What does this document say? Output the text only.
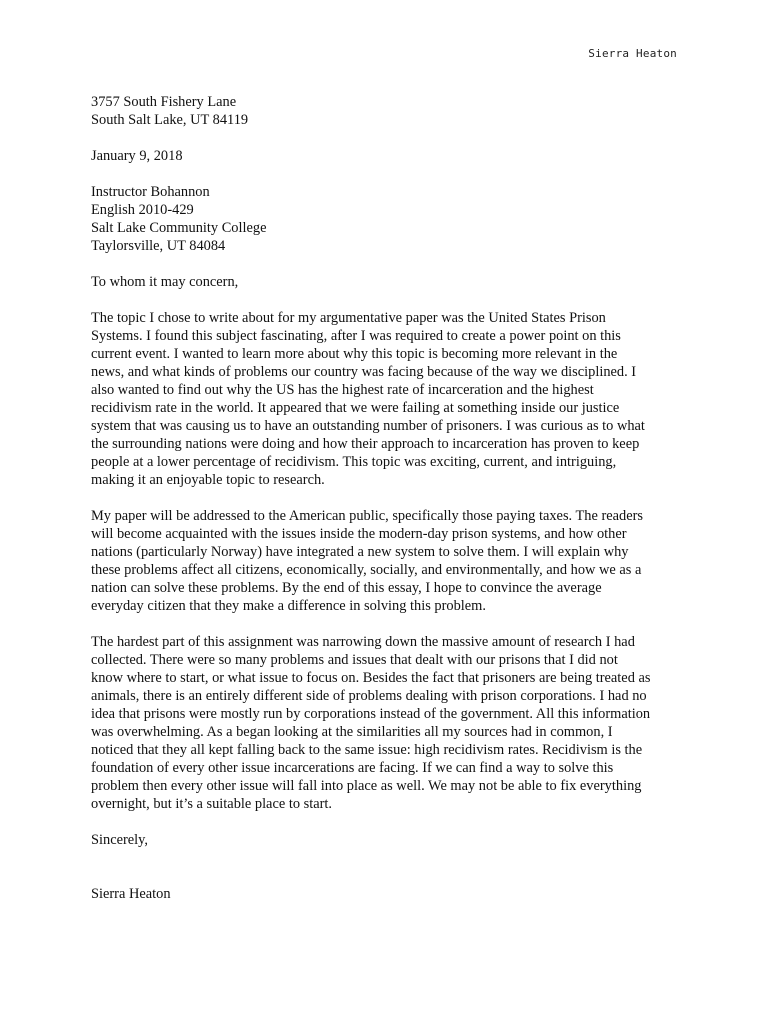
Sierra Heaton
3757 South Fishery Lane
South Salt Lake, UT 84119
January 9, 2018
Instructor Bohannon
English 2010-429
Salt Lake Community College
Taylorsville, UT 84084
To whom it may concern,
The topic I chose to write about for my argumentative paper was the United States Prison
Systems. I found this subject fascinating, after I was required to create a power point on this
current event. I wanted to learn more about why this topic is becoming more relevant in the
news, and what kinds of problems our country was facing because of the way we disciplined. I
also wanted to find out why the US has the highest rate of incarceration and the highest
recidivism rate in the world. It appeared that we were failing at something inside our justice
system that was causing us to have an outstanding number of prisoners. I was curious as to what
the surrounding nations were doing and how their approach to incarceration has proven to keep
people at a lower percentage of recidivism. This topic was exciting, current, and intriguing,
making it an enjoyable topic to research.
My paper will be addressed to the American public, specifically those paying taxes. The readers
will become acquainted with the issues inside the modern-day prison systems, and how other
nations (particularly Norway) have integrated a new system to solve them. I will explain why
these problems affect all citizens, economically, socially, and environmentally, and how we as a
nation can solve these problems. By the end of this essay, I hope to convince the average
everyday citizen that they make a difference in solving this problem.
The hardest part of this assignment was narrowing down the massive amount of research I had
collected. There were so many problems and issues that dealt with our prisons that I did not
know where to start, or what issue to focus on. Besides the fact that prisoners are being treated as
animals, there is an entirely different side of problems dealing with prison corporations. I had no
idea that prisons were mostly run by corporations instead of the government. All this information
was overwhelming. As a began looking at the similarities all my sources had in common, I
noticed that they all kept falling back to the same issue: high recidivism rates. Recidivism is the
foundation of every other issue incarcerations are facing. If we can find a way to solve this
problem then every other issue will fall into place as well. We may not be able to fix everything
overnight, but it’s a suitable place to start.
Sincerely,
Sierra Heaton
